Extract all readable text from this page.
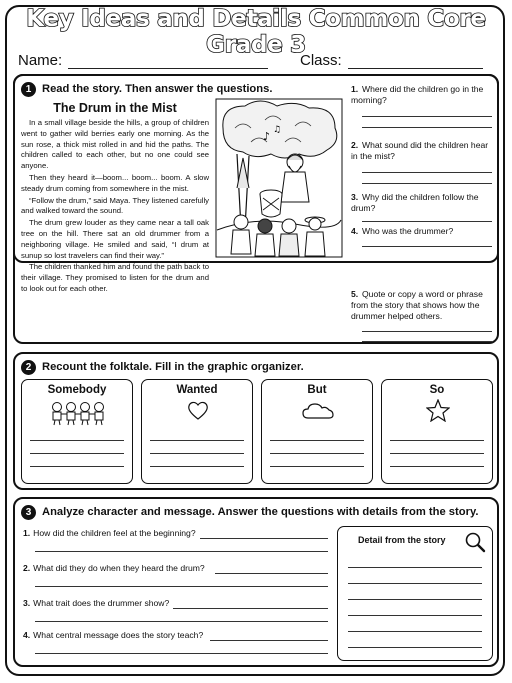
Key Ideas and Details Common Core Grade 3
Name:	Class:
1 Read the story. Then answer the questions.
The Drum in the Mist

In a small village beside the hills, a group of children went to gather wild berries early one morning. As the sun rose, a thick mist rolled in and hid the paths. The children called to each other, but no one could see anyone.

Then they heard it—boom... boom... boom. A slow steady drum coming from somewhere in the mist.

“Follow the drum,” said Maya. They listened carefully and walked toward the sound.

The drum grew louder as they came near a tall oak tree on the hill. There sat an old drummer from a neighboring village. He smiled and said, “I drum at sunup so lost travelers can find their way.”

The children thanked him and found the path back to their village. They promised to listen for the drum and to look out for each other.

♪ ♫
1. Where did the children go in the morning?
2. What sound did the children hear in the mist?
3. Why did the children follow the drum?
4. Who was the drummer?
5. Quote or copy a word or phrase from the story that shows how the drummer helped others.
2 Recount the folktale. Fill in the graphic organizer.
Somebody	Wanted	But	So
3 Analyze character and message. Answer the questions with details from the story.
1. How did the children feel at the beginning?
2. What did they do when they heard the drum?
3. What trait does the drummer show?
4. What central message does the story teach?
Detail from the story
